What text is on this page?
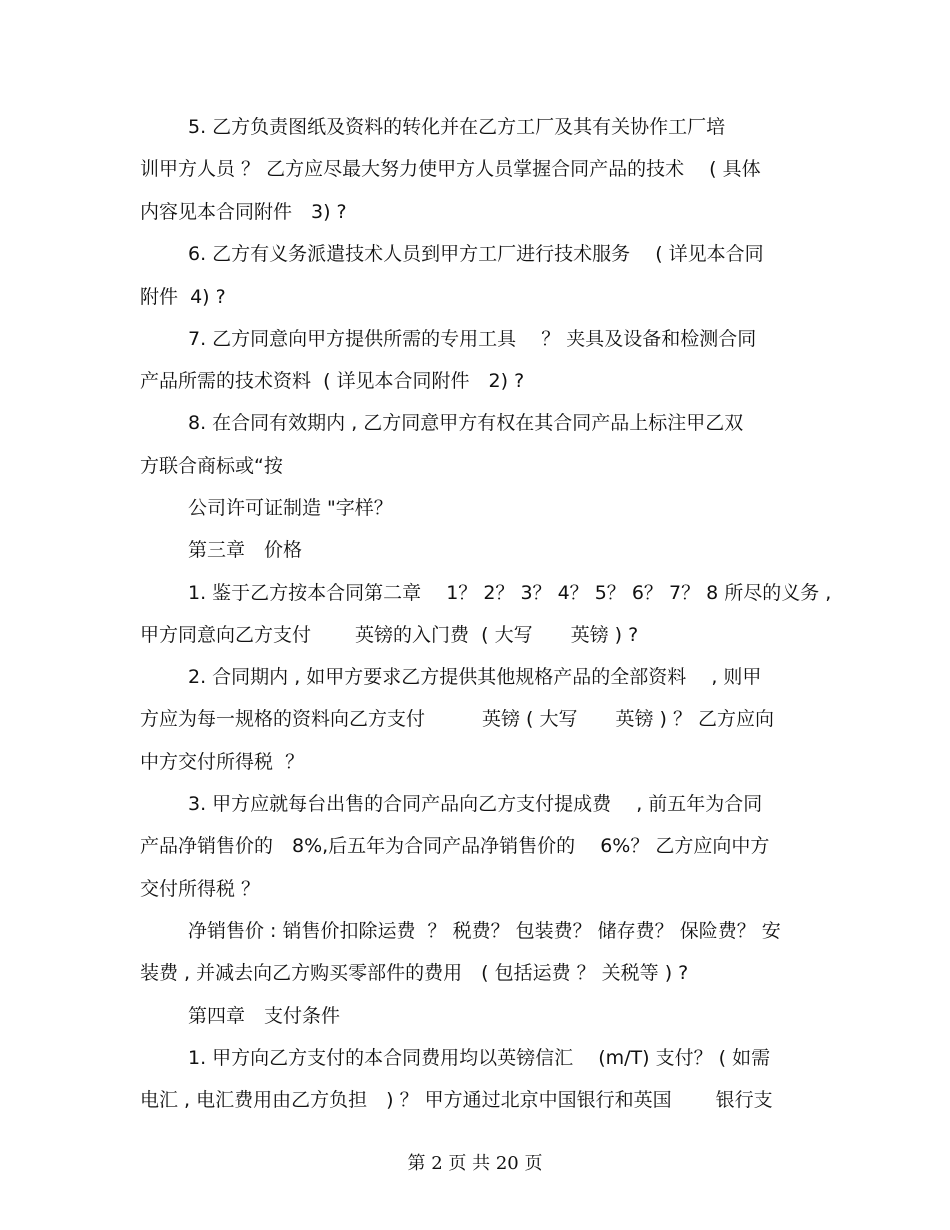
5. 乙方负责图纸及资料的转化并在乙方工厂及其有关协作工厂培
训甲方人员 ？ 乙方应尽最大努力使甲方人员掌握合同产品的技术　 ( 具体
内容见本合同附件　3) ?
6. 乙方有义务派遣技术人员到甲方工厂进行技术服务　 ( 详见本合同
附件  4) ?
7. 乙方同意向甲方提供所需的专用工具　 ？ 夹具及设备和检测合同
产品所需的技术资料  ( 详见本合同附件　2) ?
8. 在合同有效期内 , 乙方同意甲方有权在其合同产品上标注甲乙双
方联合商标或“按
公司许可证制造 "字样？
第三章　价格
1. 鉴于乙方按本合同第二章　 1？ 2？ 3？ 4？ 5？ 6？ 7？ 8 所尽的义务 ,
甲方同意向乙方支付　　 英镑的入门费  ( 大写　　英镑 ) ?
2. 合同期内 , 如甲方要求乙方提供其他规格产品的全部资料　 , 则甲
方应为每一规格的资料向乙方支付　　　英镑 ( 大写　　英镑 ) ？ 乙方应向
中方交付所得税  ？
3. 甲方应就每台出售的合同产品向乙方支付提成费　 , 前五年为合同
产品净销售价的　8%,后五年为合同产品净销售价的　 6%？ 乙方应向中方
交付所得税 ？
净销售价 : 销售价扣除运费  ？ 税费？ 包装费？ 储存费？ 保险费？ 安
装费 , 并减去向乙方购买零部件的费用　( 包括运费 ？ 关税等 ) ?
第四章　支付条件
1. 甲方向乙方支付的本合同费用均以英镑信汇　 (m/T) 支付？ ( 如需
电汇 , 电汇费用由乙方负担　) ？ 甲方通过北京中国银行和英国　　 银行支
第 2 页 共 20 页
